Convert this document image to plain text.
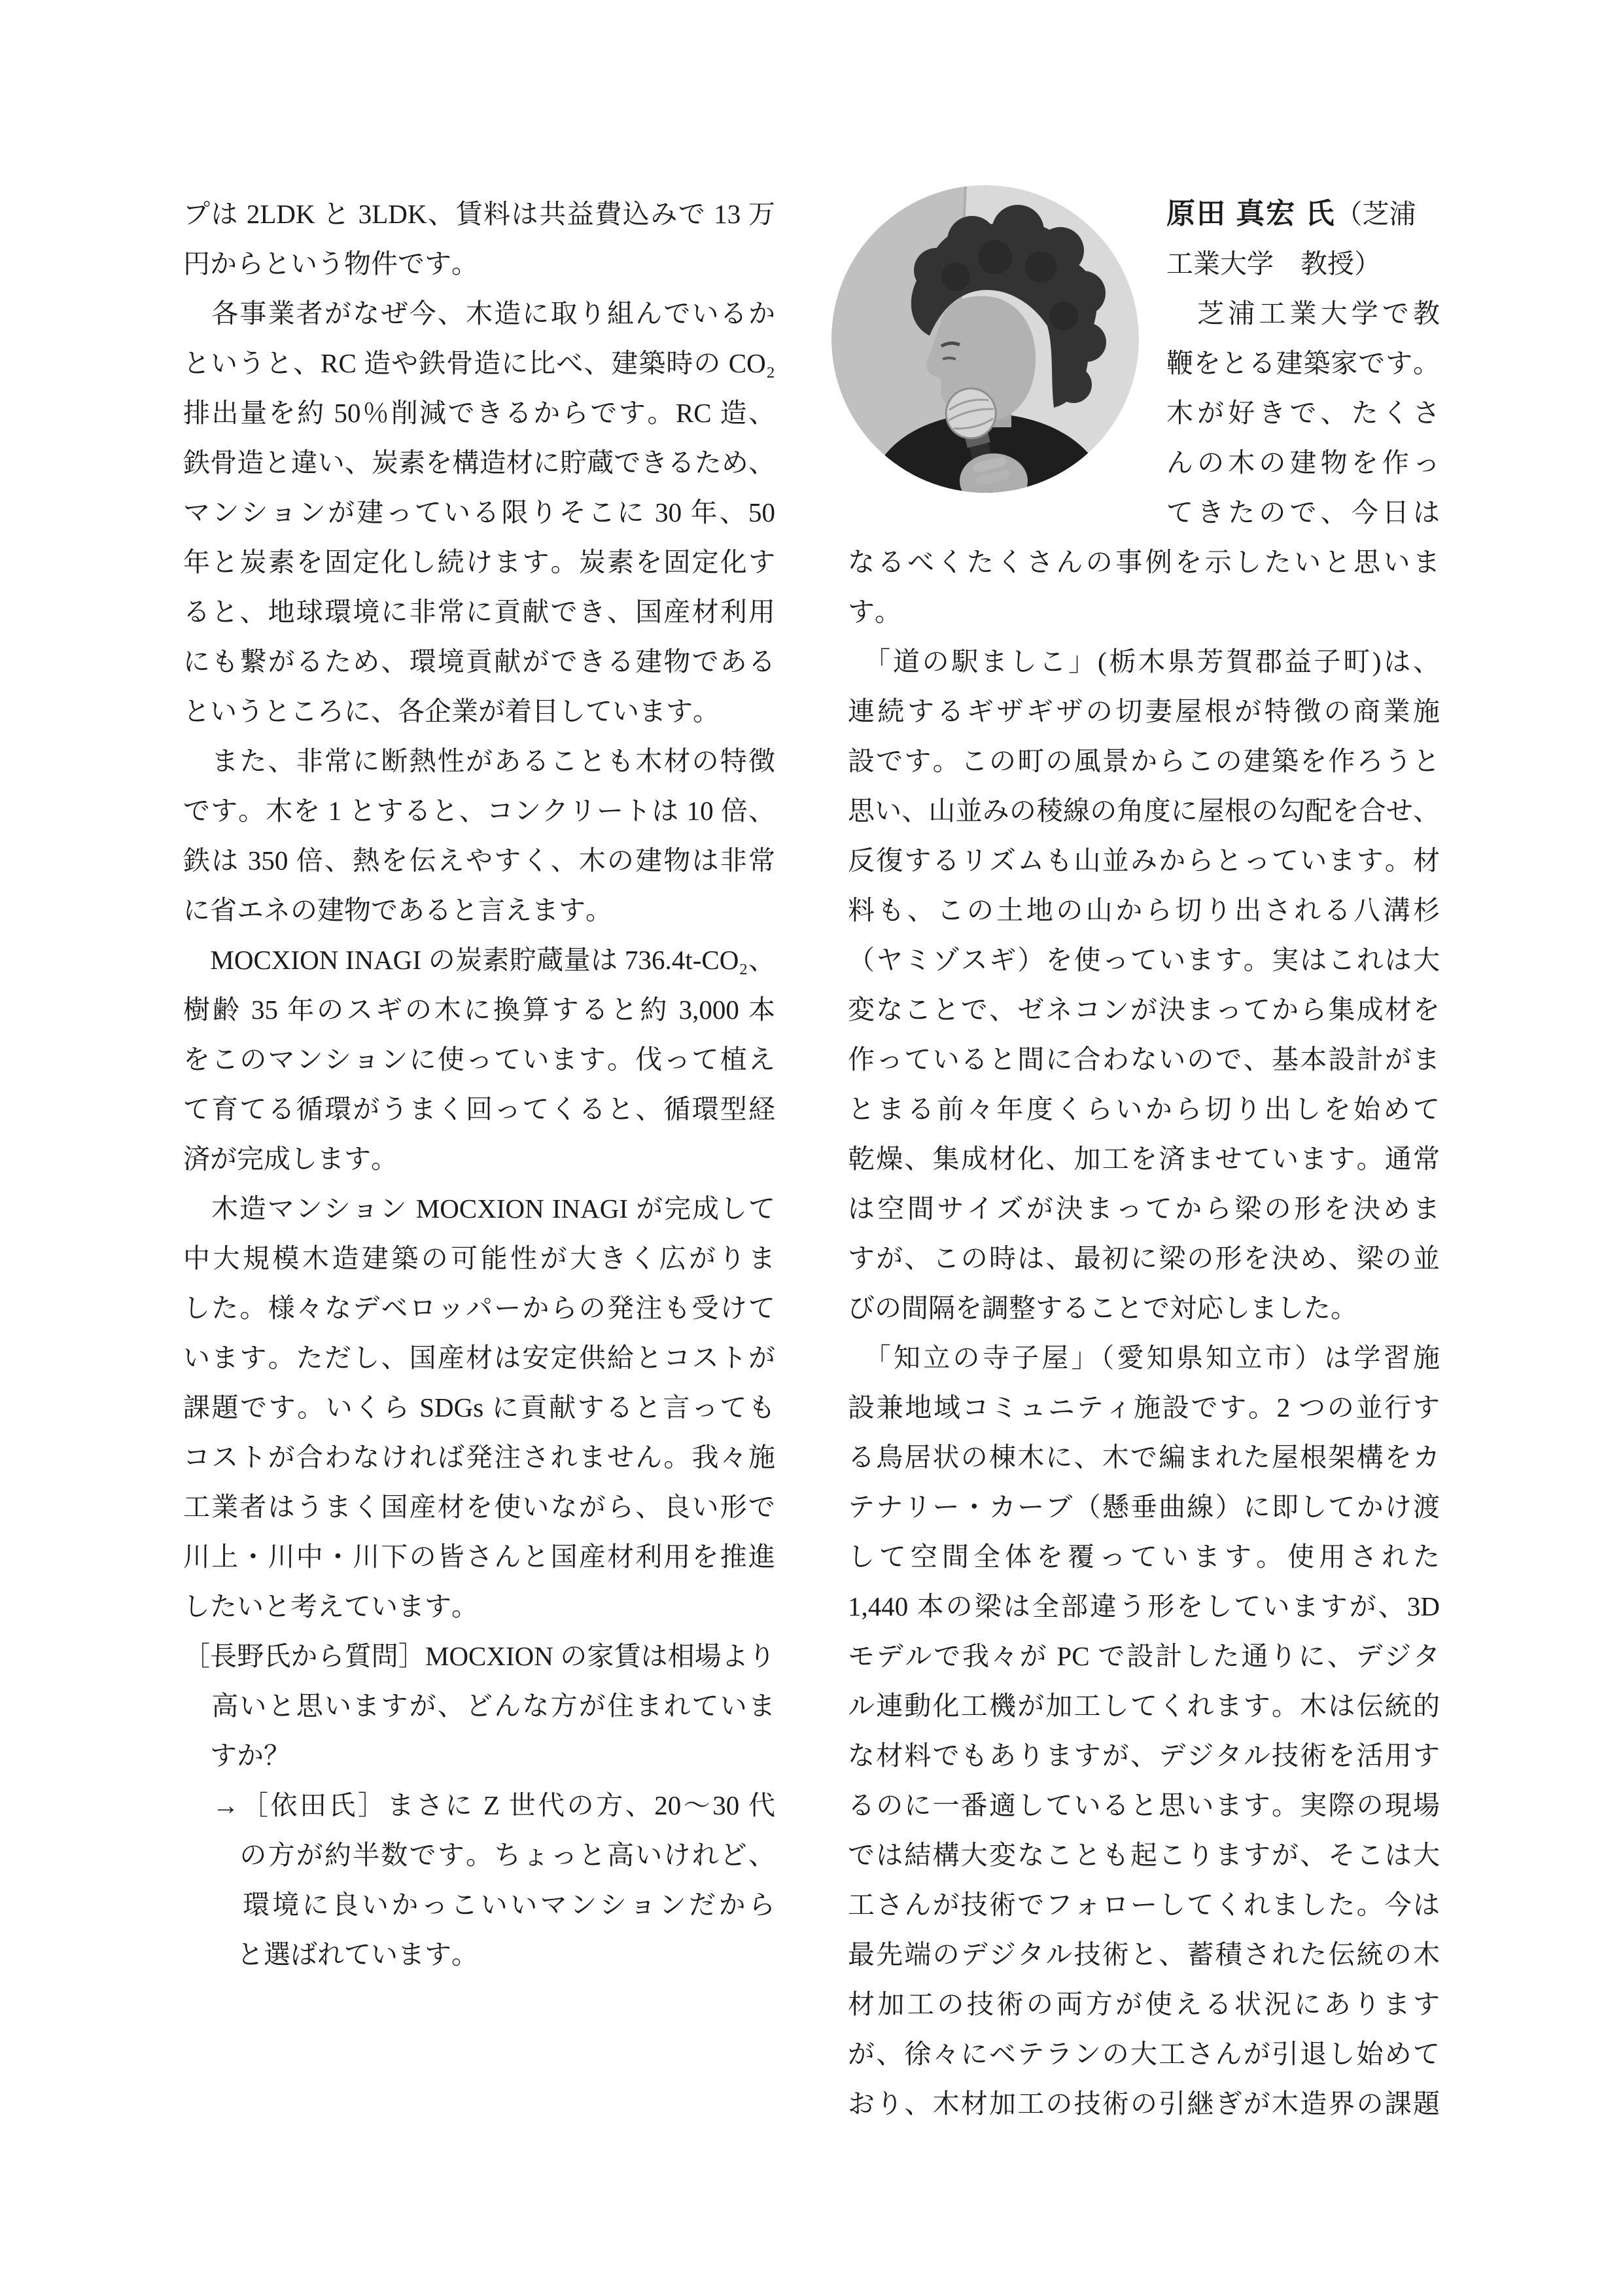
プは 2LDK と 3LDK、賃料は共益費込みで 13 万
円からという物件です。
　各事業者がなぜ今、木造に取り組んでいるか
というと、RC 造や鉄骨造に比べ、建築時の CO₂
排出量を約 50％削減できるからです。RC 造、
鉄骨造と違い、炭素を構造材に貯蔵できるため、
マンションが建っている限りそこに 30 年、50
年と炭素を固定化し続けます。炭素を固定化す
ると、地球環境に非常に貢献でき、国産材利用
にも繋がるため、環境貢献ができる建物である
というところに、各企業が着目しています。
　また、非常に断熱性があることも木材の特徴
です。木を 1 とすると、コンクリートは 10 倍、
鉄は 350 倍、熱を伝えやすく、木の建物は非常
に省エネの建物であると言えます。
　MOCXION INAGI の炭素貯蔵量は 736.4t-CO₂、
樹齢 35 年のスギの木に換算すると約 3,000 本
をこのマンションに使っています。伐って植え
て育てる循環がうまく回ってくると、循環型経
済が完成します。
　木造マンション MOCXION INAGI が完成して
中大規模木造建築の可能性が大きく広がりま
した。様々なデベロッパーからの発注も受けて
います。ただし、国産材は安定供給とコストが
課題です。いくら SDGs に貢献すると言っても
コストが合わなければ発注されません。我々施
工業者はうまく国産材を使いながら、良い形で
川上・川中・川下の皆さんと国産材利用を推進
したいと考えています。
［長野氏から質問］MOCXION の家賃は相場より
　高いと思いますが、どんな方が住まれていま
　すか？
　→［依田氏］まさに Z 世代の方、20〜30 代
　　の方が約半数です。ちょっと高いけれど、
　　環境に良いかっこいいマンションだから
　　と選ばれています。
原田 真宏 氏（芝浦
工業大学　教授）
　芝浦工業大学で教
鞭をとる建築家です。
木が好きで、たくさ
んの木の建物を作っ
てきたので、今日は
なるべくたくさんの事例を示したいと思いま
す。
　「道の駅ましこ」(栃木県芳賀郡益子町)は、
連続するギザギザの切妻屋根が特徴の商業施
設です。この町の風景からこの建築を作ろうと
思い、山並みの稜線の角度に屋根の勾配を合せ、
反復するリズムも山並みからとっています。材
料も、この土地の山から切り出される八溝杉
（ヤミゾスギ）を使っています。実はこれは大
変なことで、ゼネコンが決まってから集成材を
作っていると間に合わないので、基本設計がま
とまる前々年度くらいから切り出しを始めて
乾燥、集成材化、加工を済ませています。通常
は空間サイズが決まってから梁の形を決めま
すが、この時は、最初に梁の形を決め、梁の並
びの間隔を調整することで対応しました。
　「知立の寺子屋」（愛知県知立市）は学習施
設兼地域コミュニティ施設です。2 つの並行す
る鳥居状の棟木に、木で編まれた屋根架構をカ
テナリー・カーブ（懸垂曲線）に即してかけ渡
して空間全体を覆っています。使用された
1,440 本の梁は全部違う形をしていますが、3D
モデルで我々が PC で設計した通りに、デジタ
ル連動化工機が加工してくれます。木は伝統的
な材料でもありますが、デジタル技術を活用す
るのに一番適していると思います。実際の現場
では結構大変なことも起こりますが、そこは大
工さんが技術でフォローしてくれました。今は
最先端のデジタル技術と、蓄積された伝統の木
材加工の技術の両方が使える状況にあります
が、徐々にベテランの大工さんが引退し始めて
おり、木材加工の技術の引継ぎが木造界の課題
